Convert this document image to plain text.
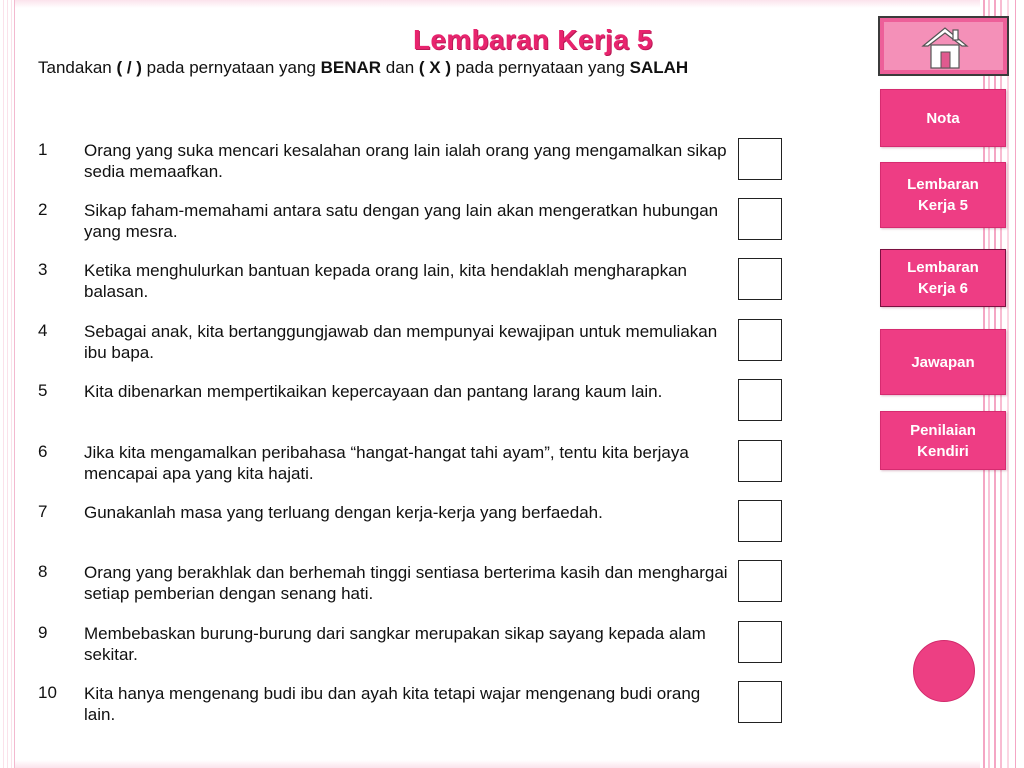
Lembaran Kerja 5
Tandakan ( / ) pada pernyataan yang BENAR dan ( X ) pada pernyataan yang SALAH
1 Orang yang suka mencari kesalahan orang lain ialah orang yang mengamalkan sikap sedia memaafkan.
2 Sikap faham-memahami antara satu dengan yang lain akan mengeratkan hubungan yang mesra.
3 Ketika menghulurkan bantuan kepada orang lain, kita hendaklah mengharapkan balasan.
4 Sebagai anak, kita bertanggungjawab dan mempunyai kewajipan untuk memuliakan ibu bapa.
5 Kita dibenarkan mempertikaikan kepercayaan dan pantang larang kaum lain.
6 Jika kita mengamalkan peribahasa “hangat-hangat tahi ayam”, tentu kita berjaya mencapai apa yang kita hajati.
7 Gunakanlah masa yang terluang dengan kerja-kerja yang berfaedah.
8 Orang yang berakhlak dan berhemah tinggi sentiasa berterima kasih dan menghargai setiap pemberian dengan senang hati.
9 Membebaskan burung-burung dari sangkar merupakan sikap sayang kepada alam sekitar.
10 Kita hanya mengenang budi ibu dan ayah kita tetapi wajar mengenang budi orang lain.
Nota
Lembaran Kerja 5
Lembaran Kerja 6
Jawapan
Penilaian Kendiri
